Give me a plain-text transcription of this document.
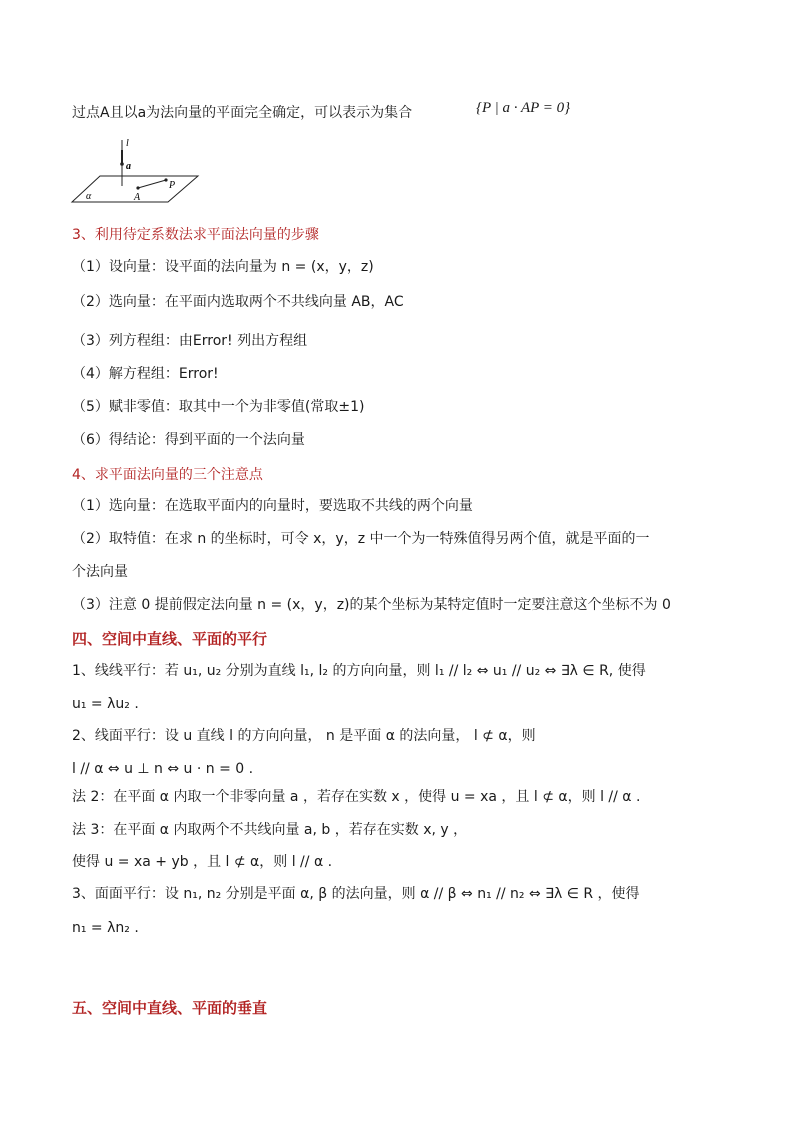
过点A且以a为法向量的平面完全确定，可以表示为集合	{P | a · AP = 0}
l
a
P
A
α
3、利用待定系数法求平面法向量的步骤
（1）设向量：设平面的法向量为 n = (x，y，z)
（2）选向量：在平面内选取两个不共线向量 AB，AC
（3）列方程组：由Error! 列出方程组
（4）解方程组：Error!
（5）赋非零值：取其中一个为非零值(常取±1)
（6）得结论：得到平面的一个法向量
4、求平面法向量的三个注意点
（1）选向量：在选取平面内的向量时，要选取不共线的两个向量
（2）取特值：在求 n 的坐标时，可令 x，y，z 中一个为一特殊值得另两个值，就是平面的一
个法向量
（3）注意 0 提前假定法向量 n = (x，y，z)的某个坐标为某特定值时一定要注意这个坐标不为 0
四、空间中直线、平面的平行
1、线线平行：若 u₁, u₂ 分别为直线 l₁, l₂ 的方向向量，则 l₁ // l₂ ⇔ u₁ // u₂ ⇔ ∃λ ∈ R, 使得
u₁ = λu₂ .
2、线面平行：设 u 直线 l 的方向向量， n 是平面 α 的法向量， l ⊄ α，则
l // α ⇔ u ⊥ n ⇔ u · n = 0 .
法 2：在平面 α 内取一个非零向量 a ，若存在实数 x ，使得 u = xa ，且 l ⊄ α，则 l // α .
法 3：在平面 α 内取两个不共线向量 a, b ，若存在实数 x, y ，
使得 u = xa + yb ，且 l ⊄ α，则 l // α .
3、面面平行：设 n₁, n₂ 分别是平面 α, β 的法向量，则 α // β ⇔ n₁ // n₂ ⇔ ∃λ ∈ R ，使得
n₁ = λn₂ .
五、空间中直线、平面的垂直
